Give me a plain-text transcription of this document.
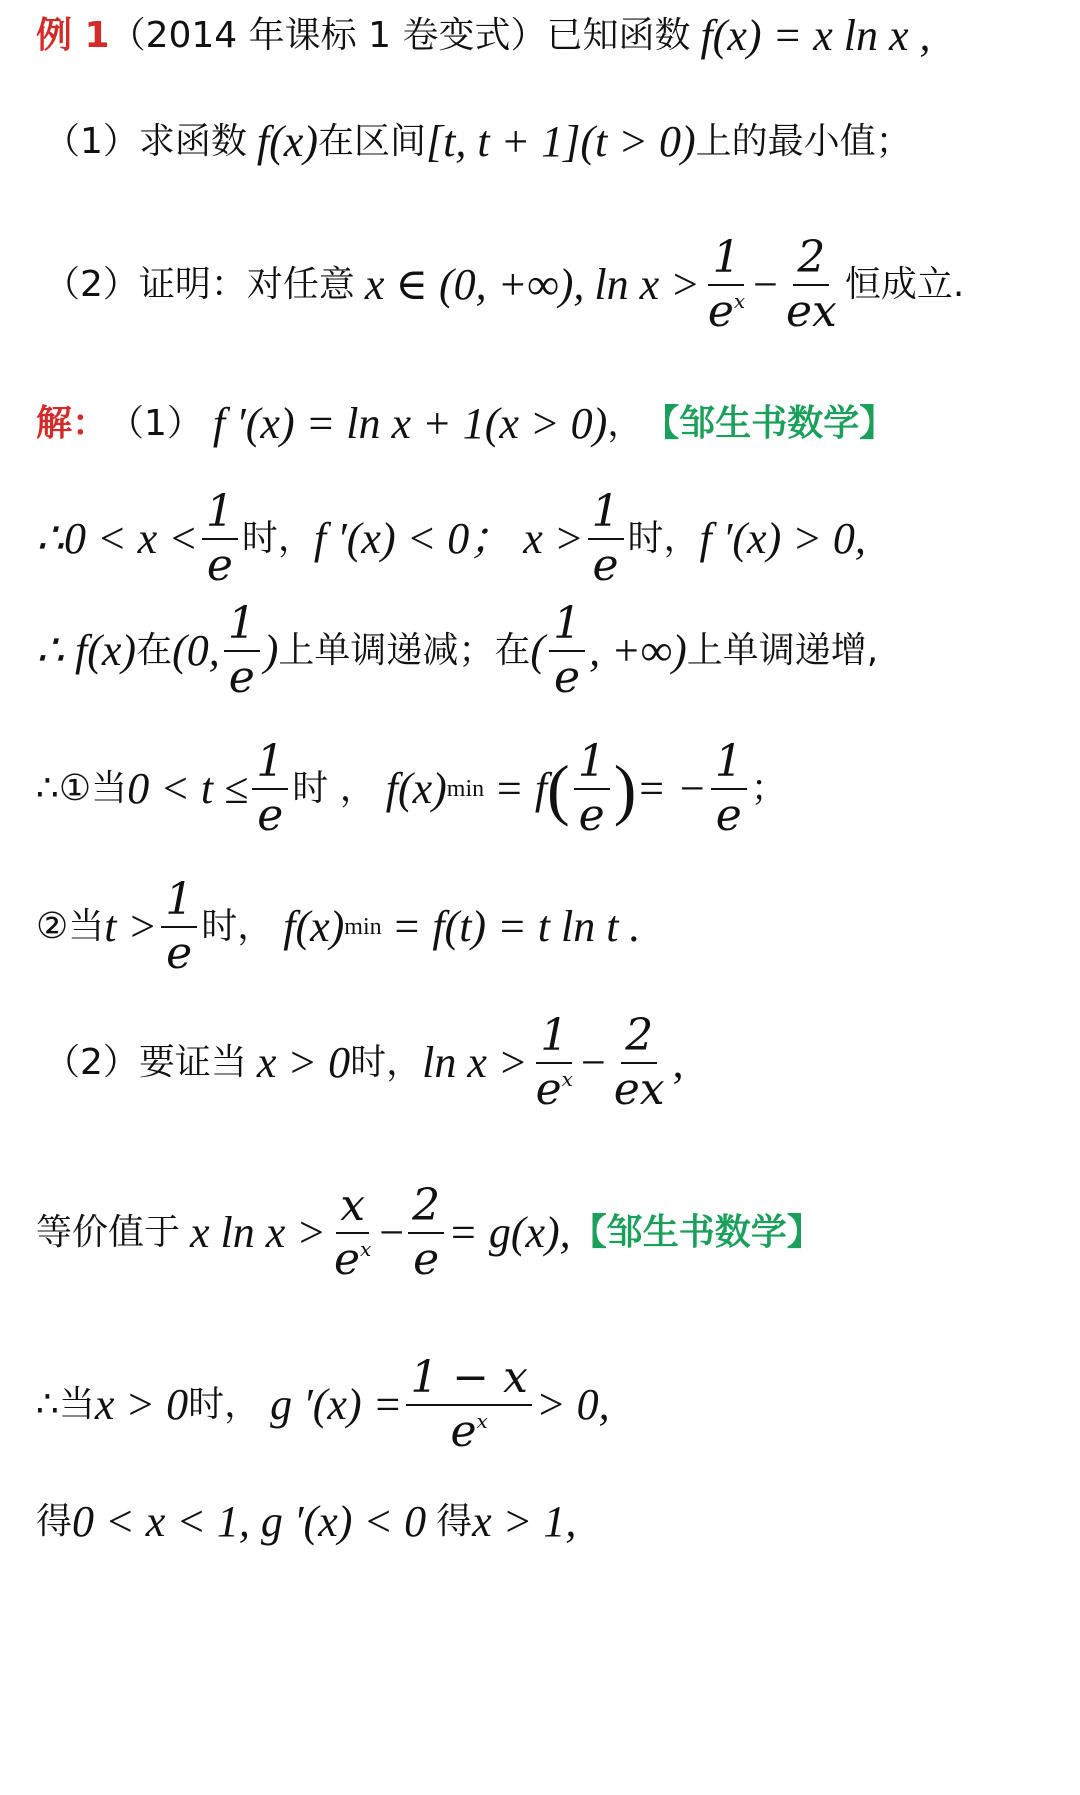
例 1 （2014 年课标 1 卷变式）已知函数 f(x) = x ln x ,
（1）求函数 f(x) 在区间 [t, t + 1] (t > 0) 上的最小值；
（2）证明：对任意 x ∈ (0, +∞), $\ln x > \frac{1}{e^x} - \frac{2}{ex}$ 恒成立.
解： （1） f ′(x) = ln x + 1(x > 0) ， 【邹生书数学】
∴0 < $x < \frac{1}{e}$ 时， f ′(x) < 0； $x > \frac{1}{e}$ 时， f ′(x) > 0,
∴ f(x) 在 (0, $\frac{1}{e}$ ) 上单调递减；在 ( $\frac{1}{e}$ , +∞) 上单调递增,
∴①当 $0 < t \le \frac{1}{e}$ 时 ， f(x) min = f ( $\frac{1}{e}$ ) = − $\frac{1}{e}$ ；
②当 $t > \frac{1}{e}$ 时， f(x) min = f(t) = t ln t .
（2）要证当 x > 0 时， $\ln x > \frac{1}{e^x} - \frac{2}{ex}$ ,
等价值于 x $\ln x > \frac{x}{e^x} - \frac{2}{e} = g(x)$, 【邹生书数学】
∴当 x > 0 时， g $'(x) = \frac{1 - x}{e^x} > 0$,
得 0 < x < 1, g ′(x) < 0 得 x > 1,
